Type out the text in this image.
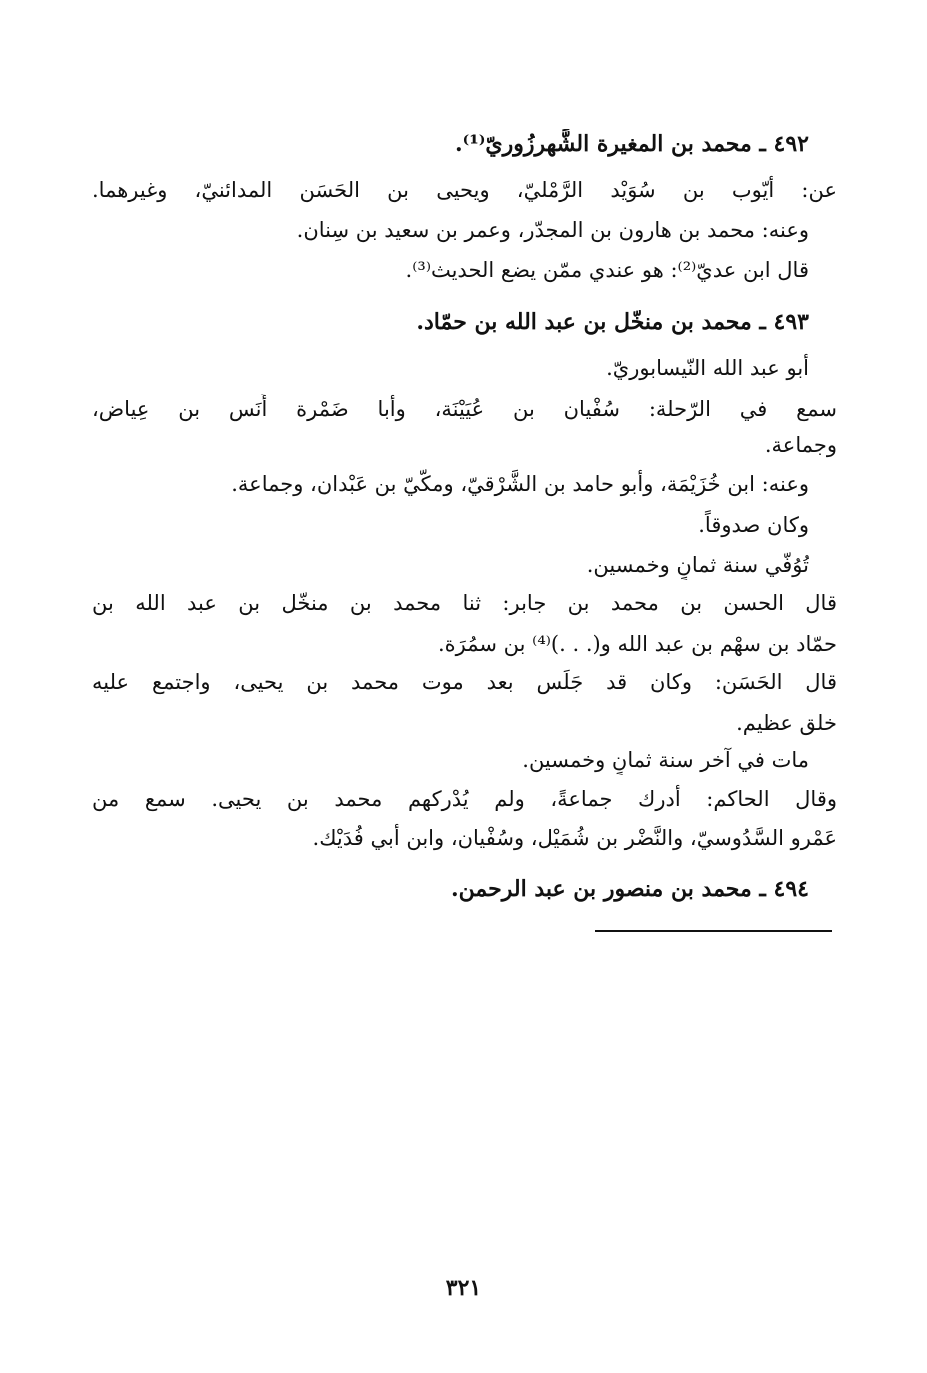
٤٩٢ ـ محمد بن المغيرة الشَّهرزُوريّ⁽¹⁾.
عن: أيّوب بن سُوَيْد الرَّمْليّ، ويحيى بن الحَسَن المدائنيّ، وغيرهما.
وعنه: محمد بن هارون بن المجدّر، وعمر بن سعيد بن سِنان.
قال ابن عديّ⁽²⁾: هو عندي ممّن يضع الحديث⁽³⁾.
٤٩٣ ـ محمد بن منخّل بن عبد الله بن حمّاد.
أبو عبد الله النّيسابوريّ.
سمع في الرّحلة: سُفْيان بن عُيَيْنَة، وأبا ضَمْرة أَنَس بن عِياض،
وجماعة.
وعنه: ابن خُزَيْمَة، وأبو حامد بن الشَّرْقيّ، ومكّيّ بن عَبْدان، وجماعة.
وكان صدوقاً.
تُوُفّي سنة ثمانٍ وخمسين.
قال الحسن بن محمد بن جابر: ثنا محمد بن منخّل بن عبد الله بن
حمّاد بن سهْم بن عبد الله و(. . .)⁽⁴⁾ بن سمُرَة.
قال الحَسَن: وكان قد جَلَس بعد موت محمد بن يحيى، واجتمع عليه
خلق عظيم.
مات في آخر سنة ثمانٍ وخمسين.
وقال الحاكم: أدرك جماعةً، ولم يُدْركهم محمد بن يحيى. سمع من
عَمْرو السَّدُوسيّ، والنَّضْر بن شُمَيْل، وسُفْيان، وابن أبي فُدَيْك.
٤٩٤ ـ محمد بن منصور بن عبد الرحمن.
٣٢١
